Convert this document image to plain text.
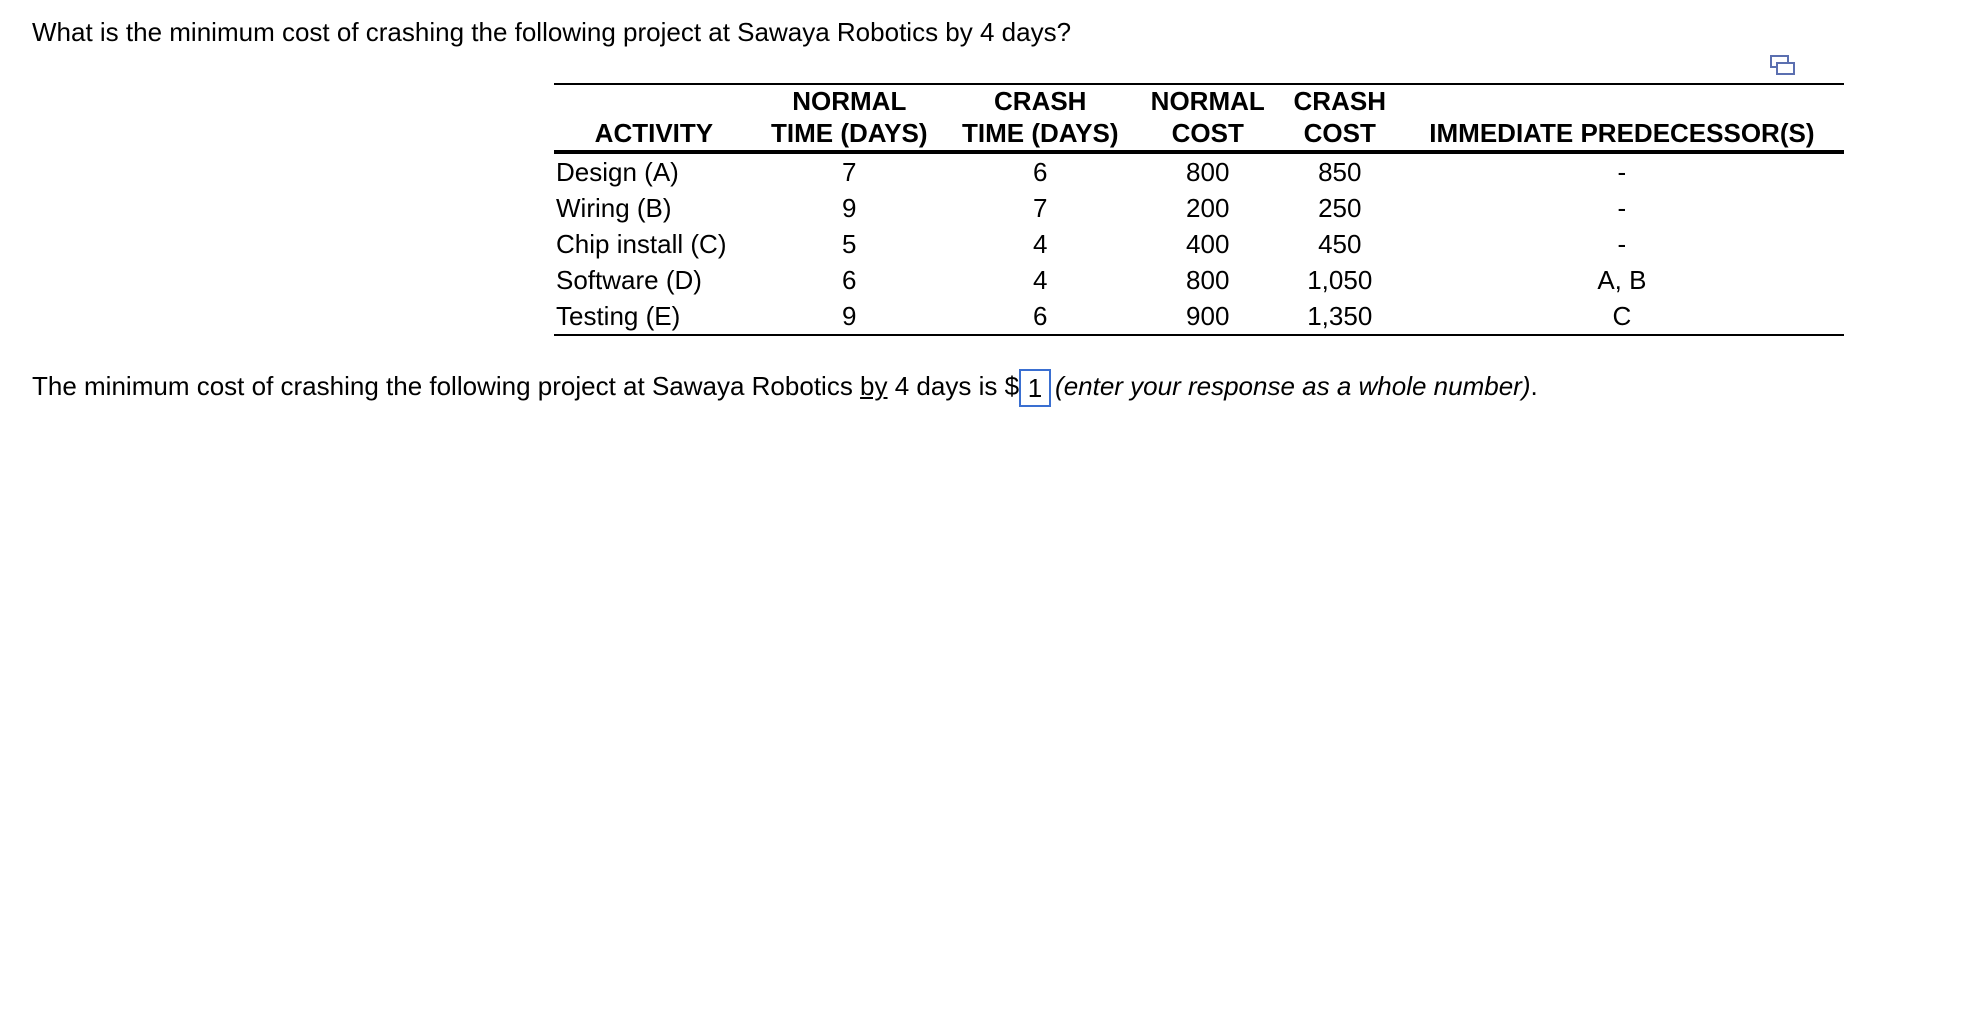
What is the minimum cost of crashing the following project at Sawaya Robotics by 4 days?

	NORMAL	CRASH	NORMAL	CRASH	
ACTIVITY	TIME (DAYS)	TIME (DAYS)	COST	COST	IMMEDIATE PREDECESSOR(S)
Design (A)	7	6	800	850	-
Wiring (B)	9	7	200	250	-
Chip install (C)	5	4	400	450	-
Software (D)	6	4	800	1,050	A, B
Testing (E)	9	6	900	1,350	C
The minimum cost of crashing the following project at Sawaya Robotics by 4 days is $ 1 (enter your response as a whole number).
